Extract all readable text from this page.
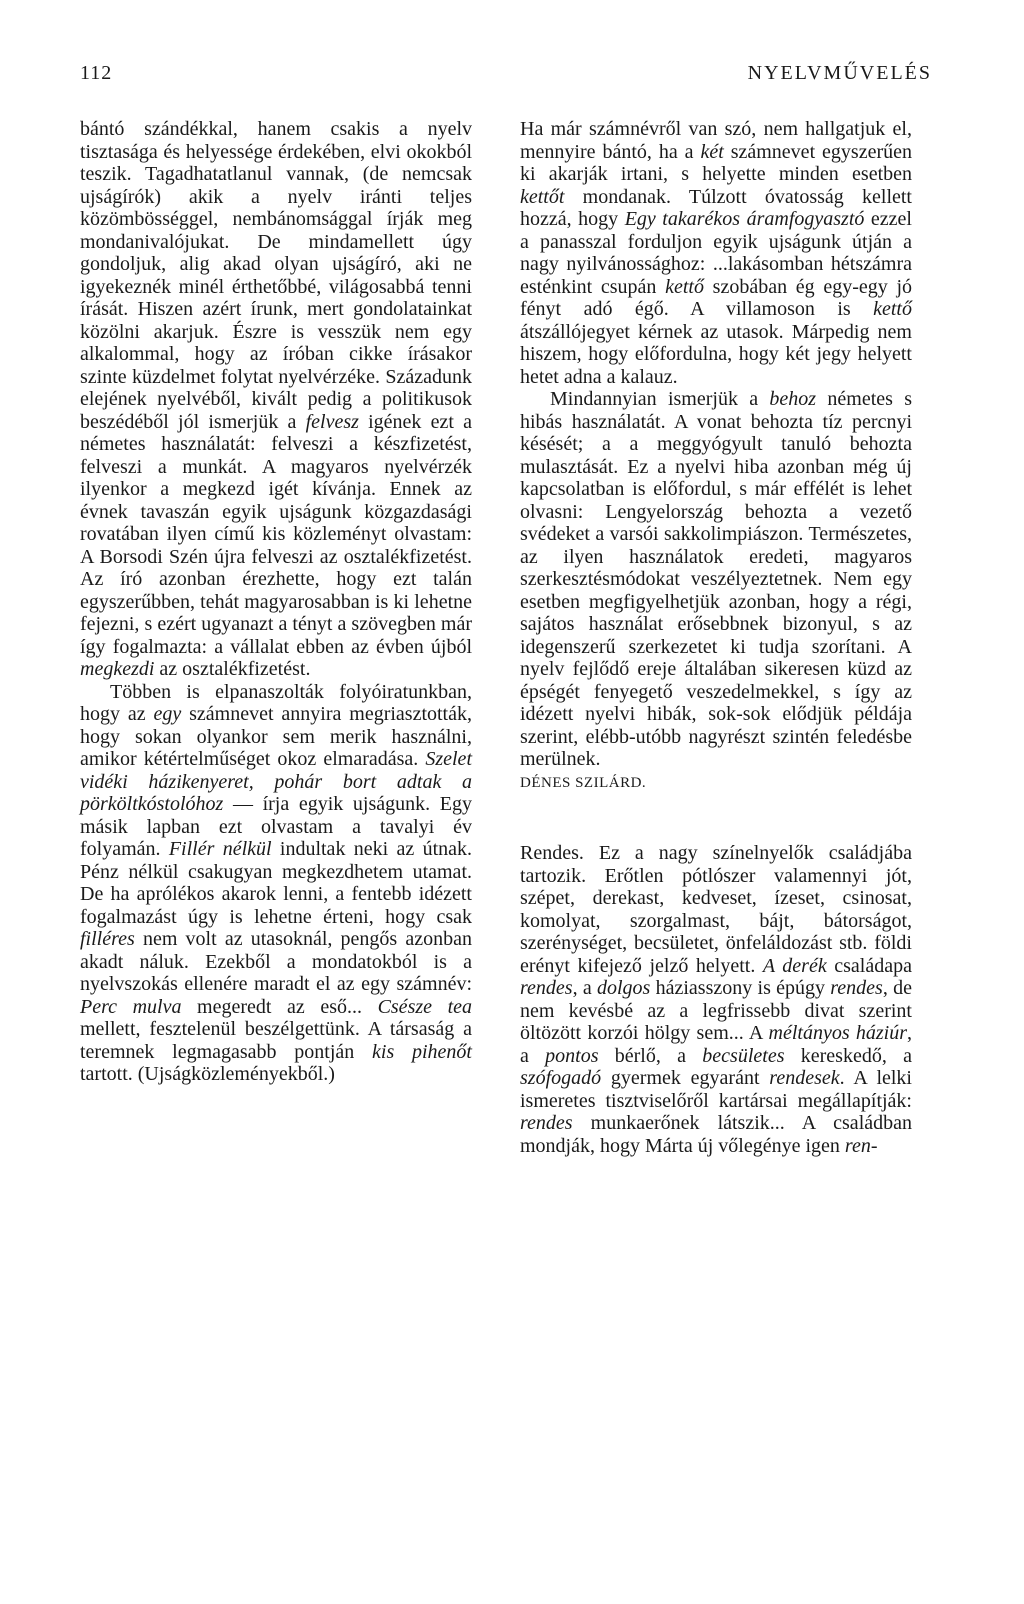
112	NYELVMŰVELÉS

bántó szándékkal, hanem csakis a nyelv tisztasága és helyessége érdekében, elvi okokból teszik. Tagadhatatlanul vannak, (de nemcsak ujságírók) akik a nyelv iránti teljes közömbösséggel, nembánomsággal írják meg mondanivalójukat. De mindamellett úgy gondoljuk, alig akad olyan ujságíró, aki ne igyekeznék minél érthetőbbé, világosabbá tenni írását. Hiszen azért írunk, mert gondolatainkat közölni akarjuk. Észre is vesszük nem egy alkalommal, hogy az íróban cikke írásakor szinte küzdelmet folytat nyelvérzéke. Századunk elejének nyelvéből, kivált pedig a politikusok beszédéből jól ismerjük a felvesz igének ezt a németes használatát: felveszi a készfizetést, felveszi a munkát. A magyaros nyelvérzék ilyenkor a megkezd igét kívánja. Ennek az évnek tavaszán egyik ujságunk közgazdasági rovatában ilyen című kis közleményt olvastam: A Borsodi Szén újra felveszi az osztalékfizetést. Az író azonban érezhette, hogy ezt talán egyszerűbben, tehát magyarosabban is ki lehetne fejezni, s ezért ugyanazt a tényt a szövegben már így fogalmazta: a vállalat ebben az évben újból megkezdi az osztalékfizetést.

Többen is elpanaszolták folyóiratunkban, hogy az egy számnevet annyira megriasztották, hogy sokan olyankor sem merik használni, amikor kétértelműséget okoz elmaradása. Szelet vidéki házikenyeret, pohár bort adtak a pörköltkóstolóhoz — írja egyik ujságunk. Egy másik lapban ezt olvastam a tavalyi év folyamán. Fillér nélkül indultak neki az útnak. Pénz nélkül csakugyan megkezdhetem utamat. De ha aprólékos akarok lenni, a fentebb idézett fogalmazást úgy is lehetne érteni, hogy csak filléres nem volt az utasoknál, pengős azonban akadt náluk. Ezekből a mondatokból is a nyelvszokás ellenére maradt el az egy számnév: Perc mulva megeredt az eső... Csésze tea mellett, fesztelenül beszélgettünk. A társaság a teremnek legmagasabb pontján kis pihenőt tartott. (Ujságközleményekből.)

Ha már számnévről van szó, nem hallgatjuk el, mennyire bántó, ha a két számnevet egyszerűen ki akarják irtani, s helyette minden esetben kettőt mondanak. Túlzott óvatosság kellett hozzá, hogy Egy takarékos áramfogyasztó ezzel a panasszal forduljon egyik ujságunk útján a nagy nyilvánossághoz: ...lakásomban hétszámra esténkint csupán kettő szobában ég egy-egy jó fényt adó égő. A villamoson is kettő átszállójegyet kérnek az utasok. Márpedig nem hiszem, hogy előfordulna, hogy két jegy helyett hetet adna a kalauz.

Mindannyian ismerjük a behoz németes s hibás használatát. A vonat behozta tíz percnyi késését; a a meggyógyult tanuló behozta mulasztását. Ez a nyelvi hiba azonban még új kapcsolatban is előfordul, s már effélét is lehet olvasni: Lengyelország behozta a vezető svédeket a varsói sakkolimpiászon. Természetes, az ilyen használatok eredeti, magyaros szerkesztésmódokat veszélyeztetnek. Nem egy esetben megfigyelhetjük azonban, hogy a régi, sajátos használat erősebbnek bizonyul, s az idegenszerű szerkezetet ki tudja szorítani. A nyelv fejlődő ereje általában sikeresen küzd az épségét fenyegető veszedelmekkel, s így az idézett nyelvi hibák, sok-sok elődjük példája szerint, elébb-utóbb nagyrészt szintén feledésbe merülnek.

DÉNES SZILÁRD.

Rendes. Ez a nagy színelnyelők családjába tartozik. Erőtlen pótlószer valamennyi jót, szépet, derekast, kedveset, ízeset, csinosat, komolyat, szorgalmast, bájt, bátorságot, szerénységet, becsületet, önfeláldozást stb. földi erényt kifejező jelző helyett. A derék családapa rendes, a dolgos háziasszony is épúgy rendes, de nem kevésbé az a legfrissebb divat szerint öltözött korzói hölgy sem... A méltányos háziúr, a pontos bérlő, a becsületes kereskedő, a szófogadó gyermek egyaránt rendesek. A lelki ismeretes tisztviselőről kartársai megállapítják: rendes munkaerőnek látszik... A családban mondják, hogy Márta új vőlegénye igen ren-
